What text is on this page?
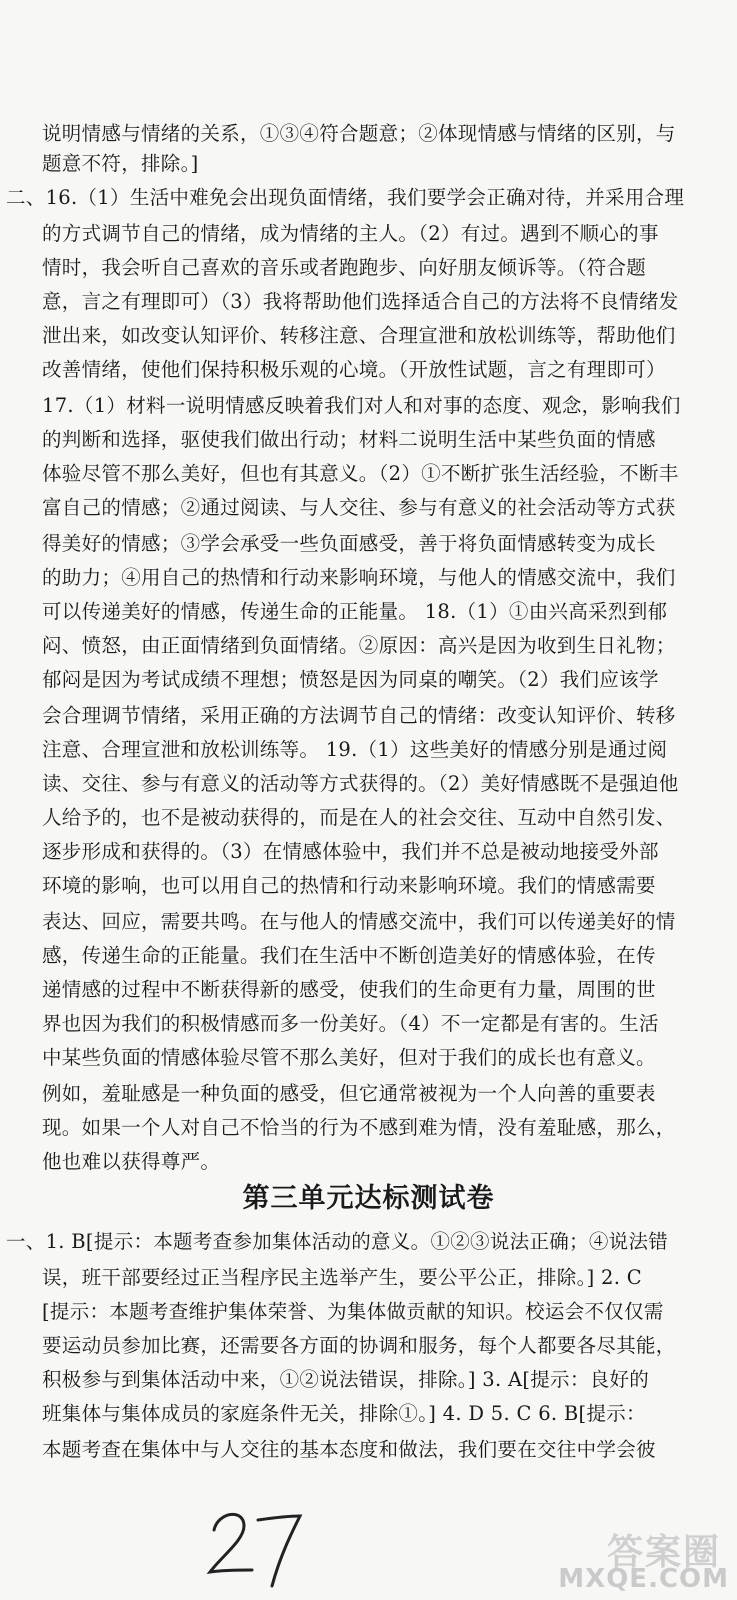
说明情感与情绪的关系，①③④符合题意；②体现情感与情绪的区别，与
题意不符，排除。]
二、16.（1）生活中难免会出现负面情绪，我们要学会正确对待，并采用合理
的方式调节自己的情绪，成为情绪的主人。（2）有过。遇到不顺心的事
情时，我会听自己喜欢的音乐或者跑跑步、向好朋友倾诉等。（符合题
意，言之有理即可）（3）我将帮助他们选择适合自己的方法将不良情绪发
泄出来，如改变认知评价、转移注意、合理宣泄和放松训练等，帮助他们
改善情绪，使他们保持积极乐观的心境。（开放性试题，言之有理即可）
17.（1）材料一说明情感反映着我们对人和对事的态度、观念，影响我们
的判断和选择，驱使我们做出行动；材料二说明生活中某些负面的情感
体验尽管不那么美好，但也有其意义。（2）①不断扩张生活经验，不断丰
富自己的情感；②通过阅读、与人交往、参与有意义的社会活动等方式获
得美好的情感；③学会承受一些负面感受，善于将负面情感转变为成长
的助力；④用自己的热情和行动来影响环境，与他人的情感交流中，我们
可以传递美好的情感，传递生命的正能量。 18.（1）①由兴高采烈到郁
闷、愤怒，由正面情绪到负面情绪。②原因：高兴是因为收到生日礼物；
郁闷是因为考试成绩不理想；愤怒是因为同桌的嘲笑。（2）我们应该学
会合理调节情绪，采用正确的方法调节自己的情绪：改变认知评价、转移
注意、合理宣泄和放松训练等。 19.（1）这些美好的情感分别是通过阅
读、交往、参与有意义的活动等方式获得的。（2）美好情感既不是强迫他
人给予的，也不是被动获得的，而是在人的社会交往、互动中自然引发、
逐步形成和获得的。（3）在情感体验中，我们并不总是被动地接受外部
环境的影响，也可以用自己的热情和行动来影响环境。我们的情感需要
表达、回应，需要共鸣。在与他人的情感交流中，我们可以传递美好的情
感，传递生命的正能量。我们在生活中不断创造美好的情感体验，在传
递情感的过程中不断获得新的感受，使我们的生命更有力量，周围的世
界也因为我们的积极情感而多一份美好。（4）不一定都是有害的。生活
中某些负面的情感体验尽管不那么美好，但对于我们的成长也有意义。
例如，羞耻感是一种负面的感受，但它通常被视为一个人向善的重要表
现。如果一个人对自己不恰当的行为不感到难为情，没有羞耻感，那么，
他也难以获得尊严。
第三单元达标测试卷
一、1. B[提示：本题考查参加集体活动的意义。①②③说法正确；④说法错
误，班干部要经过正当程序民主选举产生，要公平公正，排除。] 2. C
[提示：本题考查维护集体荣誉、为集体做贡献的知识。校运会不仅仅需
要运动员参加比赛，还需要各方面的协调和服务，每个人都要各尽其能，
积极参与到集体活动中来，①②说法错误，排除。] 3. A[提示：良好的
班集体与集体成员的家庭条件无关，排除①。] 4. D 5. C 6. B[提示：
本题考查在集体中与人交往的基本态度和做法，我们要在交往中学会彼
答案圈
MXQE.COM
